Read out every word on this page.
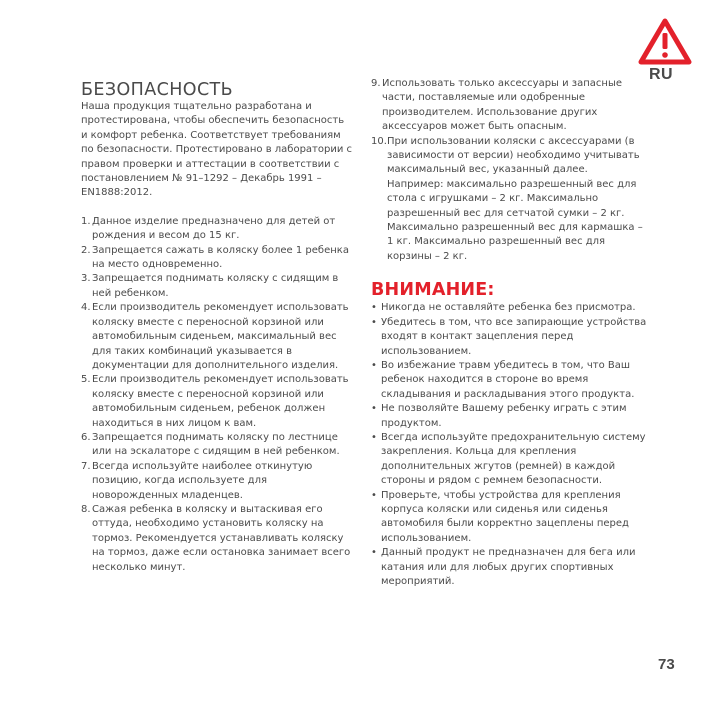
RU
БЕЗОПАСНОСТЬ

Наша продукция тщательно разработана и протестирована, чтобы обеспечить безопасность и комфорт ребенка. Соответствует требованиям по безопасности. Протестировано в лаборатории с правом проверки и аттестации в соответствии с постановлением № 91–1292 – Декабрь 1991 – EN1888:2012.

1. Данное изделие предназначено для детей от рождения и весом до 15 кг.
2. Запрещается сажать в коляску более 1 ребенка на место одновременно.
3. Запрещается поднимать коляску с сидящим в ней ребенком.
4. Если производитель рекомендует использовать коляску вместе с переносной корзиной или автомобильным сиденьем, максимальный вес для таких комбинаций указывается в документации для дополнительного изделия.
5. Если производитель рекомендует использовать коляску вместе с переносной корзиной или автомобильным сиденьем, ребенок должен находиться в них лицом к вам.
6. Запрещается поднимать коляску по лестнице или на эскалаторе с сидящим в ней ребенком.
7. Всегда используйте наиболее откинутую позицию, когда используете для новорожденных младенцев.
8. Сажая ребенка в коляску и вытаскивая его оттуда, необходимо установить коляску на тормоз. Рекомендуется устанавливать коляску на тормоз, даже если остановка занимает всего несколько минут.
9. Использовать только аксессуары и запасные части, поставляемые или одобренные производителем. Использование других аксессуаров может быть опасным.
10. При использовании коляски с аксессуарами (в зависимости от версии) необходимо учитывать максимальный вес, указанный далее. Например: максимально разрешенный вес для стола с игрушками – 2 кг. Максимально разрешенный вес для сетчатой сумки – 2 кг. Максимально разрешенный вес для кармашка – 1 кг. Максимально разрешенный вес для корзины – 2 кг.
ВНИМАНИЕ:
• Никогда не оставляйте ребенка без присмотра.
• Убедитесь в том, что все запирающие устройства входят в контакт зацепления перед использованием.
• Во избежание травм убедитесь в том, что Ваш ребенок находится в стороне во время складывания и раскладывания этого продукта.
• Не позволяйте Вашему ребенку играть с этим продуктом.
• Всегда используйте предохранительную систему закрепления. Кольца для крепления дополнительных жгутов (ремней) в каждой стороны и рядом с ремнем безопасности.
• Проверьте, чтобы устройства для крепления корпуса коляски или сиденья или сиденья автомобиля были корректно зацеплены перед использованием.
• Данный продукт не предназначен для бега или катания или для любых других спортивных мероприятий.
73
